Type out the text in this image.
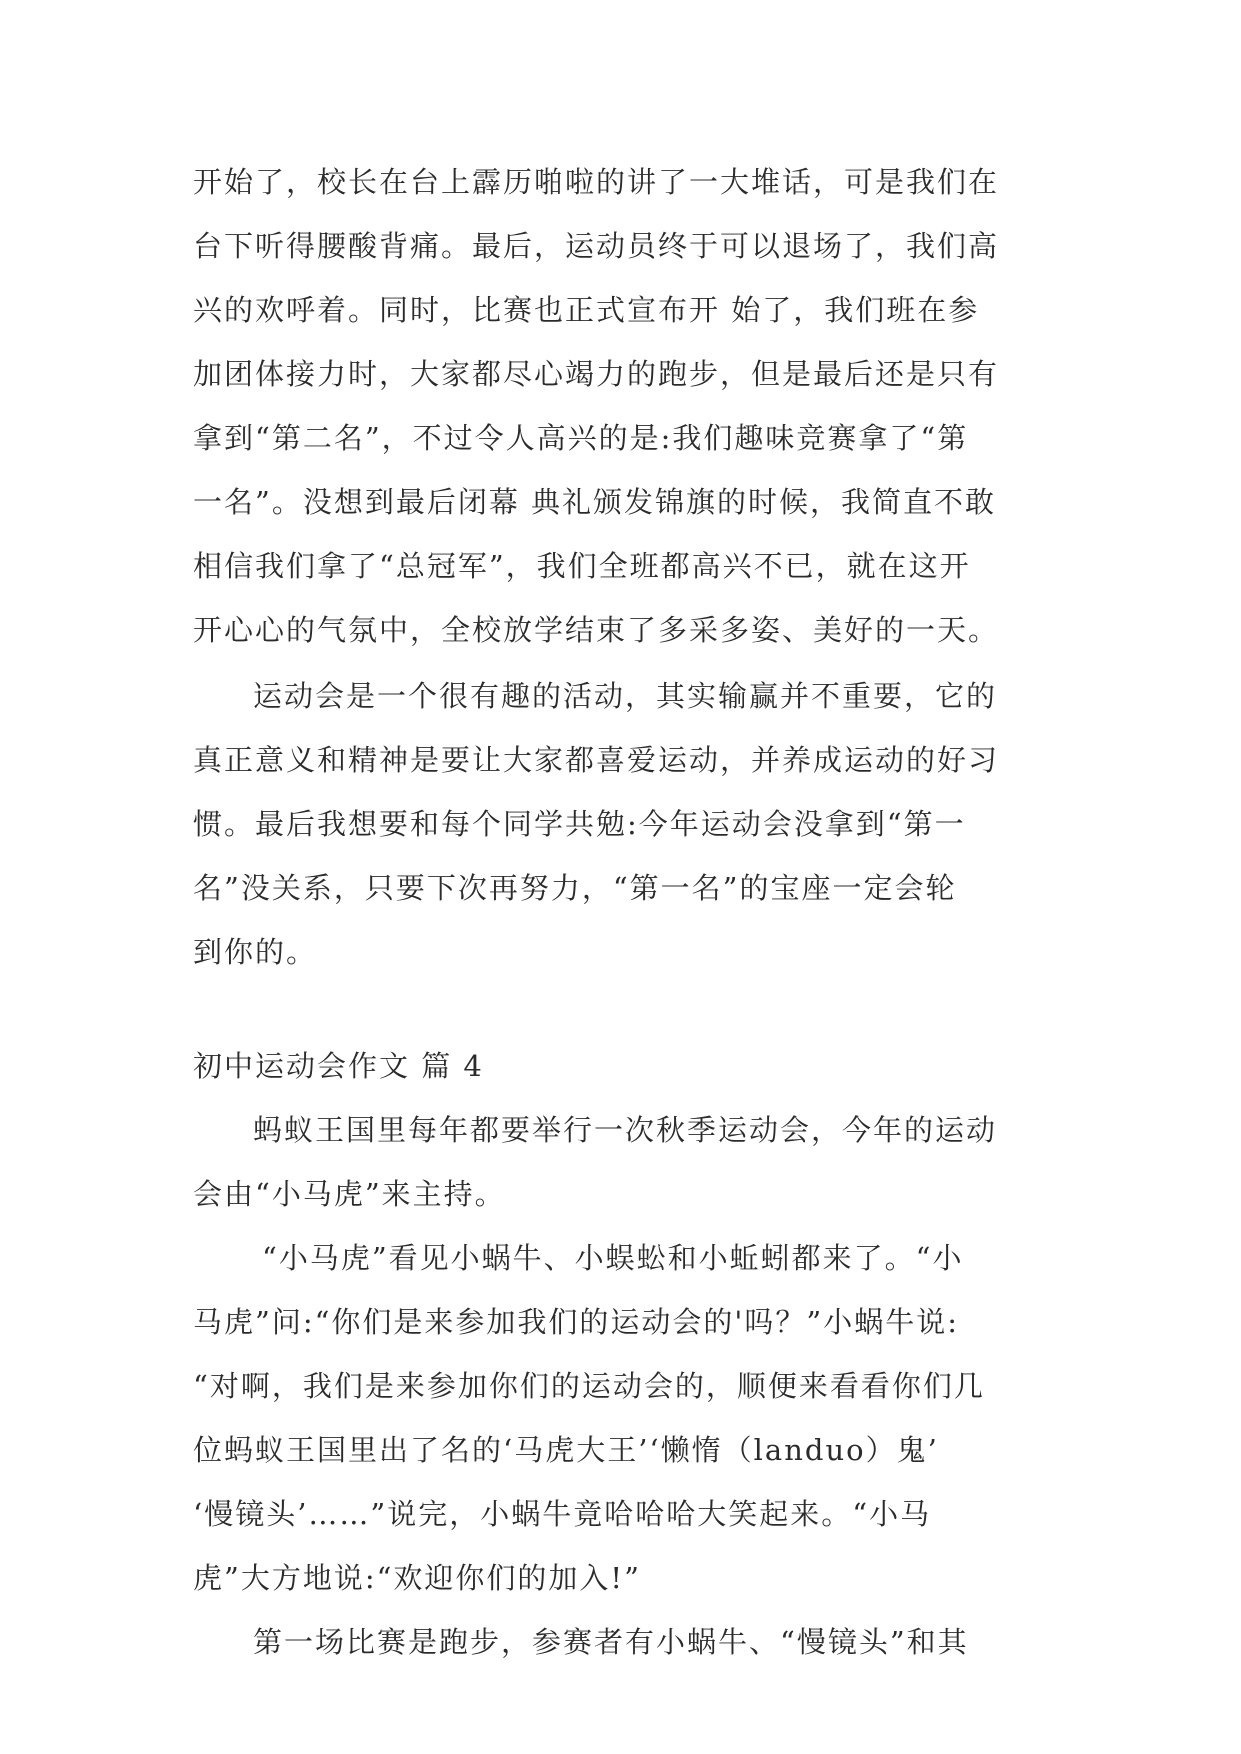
开始了，校长在台上霹历啪啦的讲了一大堆话，可是我们在
台下听得腰酸背痛。最后，运动员终于可以退场了，我们高
兴的欢呼着。同时，比赛也正式宣布开 始了，我们班在参
加团体接力时，大家都尽心竭力的跑步，但是最后还是只有
拿到“第二名”，不过令人高兴的是:我们趣味竞赛拿了“第
一名”。没想到最后闭幕 典礼颁发锦旗的时候，我简直不敢
相信我们拿了“总冠军”，我们全班都高兴不已，就在这开
开心心的气氛中，全校放学结束了多采多姿、美好的一天。
运动会是一个很有趣的活动，其实输赢并不重要，它的
真正意义和精神是要让大家都喜爱运动，并养成运动的好习
惯。最后我想要和每个同学共勉:今年运动会没拿到“第一
名”没关系，只要下次再努力，“第一名”的宝座一定会轮
到你的。
初中运动会作文 篇 4
蚂蚁王国里每年都要举行一次秋季运动会，今年的运动
会由“小马虎”来主持。
“小马虎”看见小蜗牛、小蜈蚣和小蚯蚓都来了。“小
马虎”问:“你们是来参加我们的运动会的'吗？”小蜗牛说:
“对啊，我们是来参加你们的运动会的，顺便来看看你们几
位蚂蚁王国里出了名的‘马虎大王’‘懒惰（landuo）鬼’
‘慢镜头’……”说完，小蜗牛竟哈哈哈大笑起来。“小马
虎”大方地说:“欢迎你们的加入!”
第一场比赛是跑步，参赛者有小蜗牛、“慢镜头”和其
